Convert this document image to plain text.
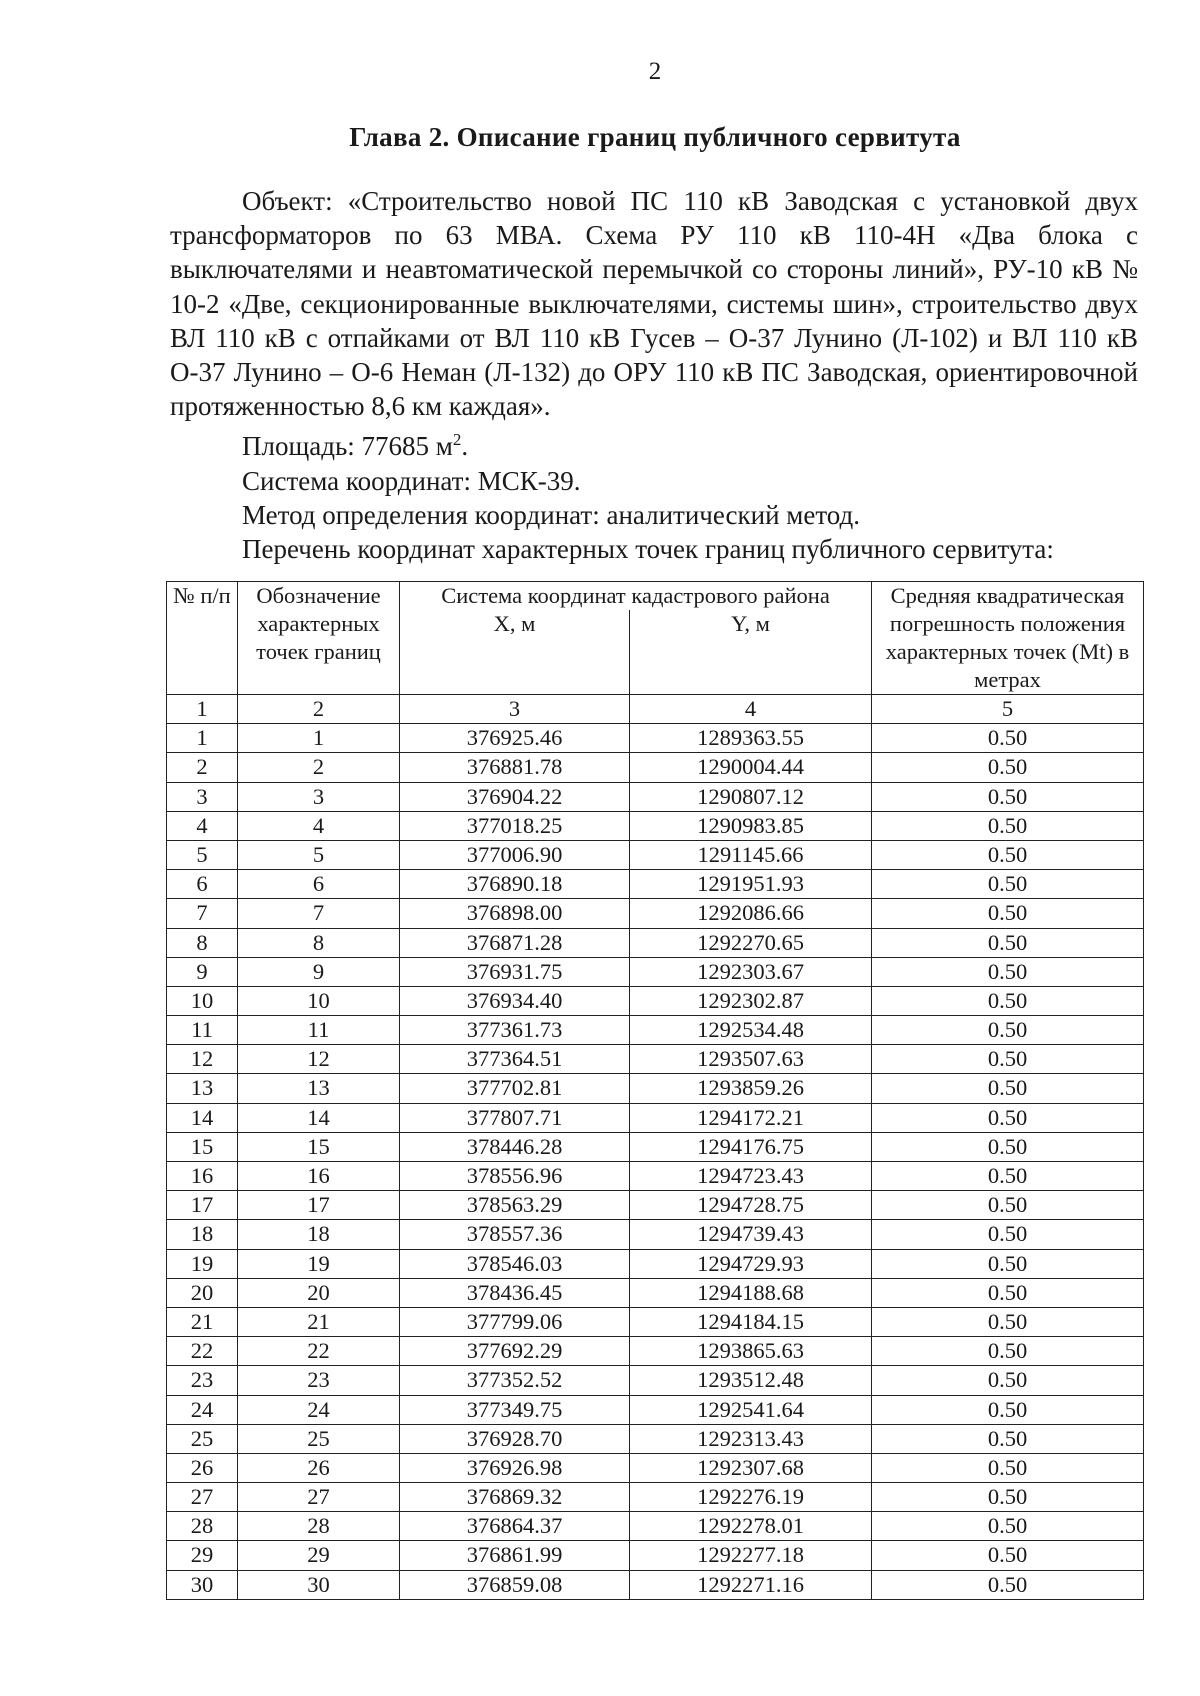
2
Глава 2. Описание границ публичного сервитута

Объект: «Строительство новой ПС 110 кВ Заводская с установкой двух трансформаторов по 63 МВА. Схема РУ 110 кВ 110-4Н «Два блока с выключателями и неавтоматической перемычкой со стороны линий», РУ-10 кВ № 10-2 «Две, секционированные выключателями, системы шин», строительство двух ВЛ 110 кВ с отпайками от ВЛ 110 кВ Гусев – О-37 Лунино (Л-102) и ВЛ 110 кВ О-37 Лунино – О-6 Неман (Л-132) до ОРУ 110 кВ ПС Заводская, ориентировочной протяженностью 8,6 км каждая».

Площадь: 77685 $м^2$.

Система координат: МСК-39.

Метод определения координат: аналитический метод.

Перечень координат характерных точек границ публичного сервитута:

№ п/п	Обозначение характерных точек границ	Система координат кадастрового района		Средняя квадратическая погрешность положения характерных точек (Mt) в метрах
		X, м	Y, м	
1	2	3	4	5
1	1	376925.46	1289363.55	0.50
2	2	376881.78	1290004.44	0.50
3	3	376904.22	1290807.12	0.50
4	4	377018.25	1290983.85	0.50
5	5	377006.90	1291145.66	0.50
6	6	376890.18	1291951.93	0.50
7	7	376898.00	1292086.66	0.50
8	8	376871.28	1292270.65	0.50
9	9	376931.75	1292303.67	0.50
10	10	376934.40	1292302.87	0.50
11	11	377361.73	1292534.48	0.50
12	12	377364.51	1293507.63	0.50
13	13	377702.81	1293859.26	0.50
14	14	377807.71	1294172.21	0.50
15	15	378446.28	1294176.75	0.50
16	16	378556.96	1294723.43	0.50
17	17	378563.29	1294728.75	0.50
18	18	378557.36	1294739.43	0.50
19	19	378546.03	1294729.93	0.50
20	20	378436.45	1294188.68	0.50
21	21	377799.06	1294184.15	0.50
22	22	377692.29	1293865.63	0.50
23	23	377352.52	1293512.48	0.50
24	24	377349.75	1292541.64	0.50
25	25	376928.70	1292313.43	0.50
26	26	376926.98	1292307.68	0.50
27	27	376869.32	1292276.19	0.50
28	28	376864.37	1292278.01	0.50
29	29	376861.99	1292277.18	0.50
30	30	376859.08	1292271.16	0.50
